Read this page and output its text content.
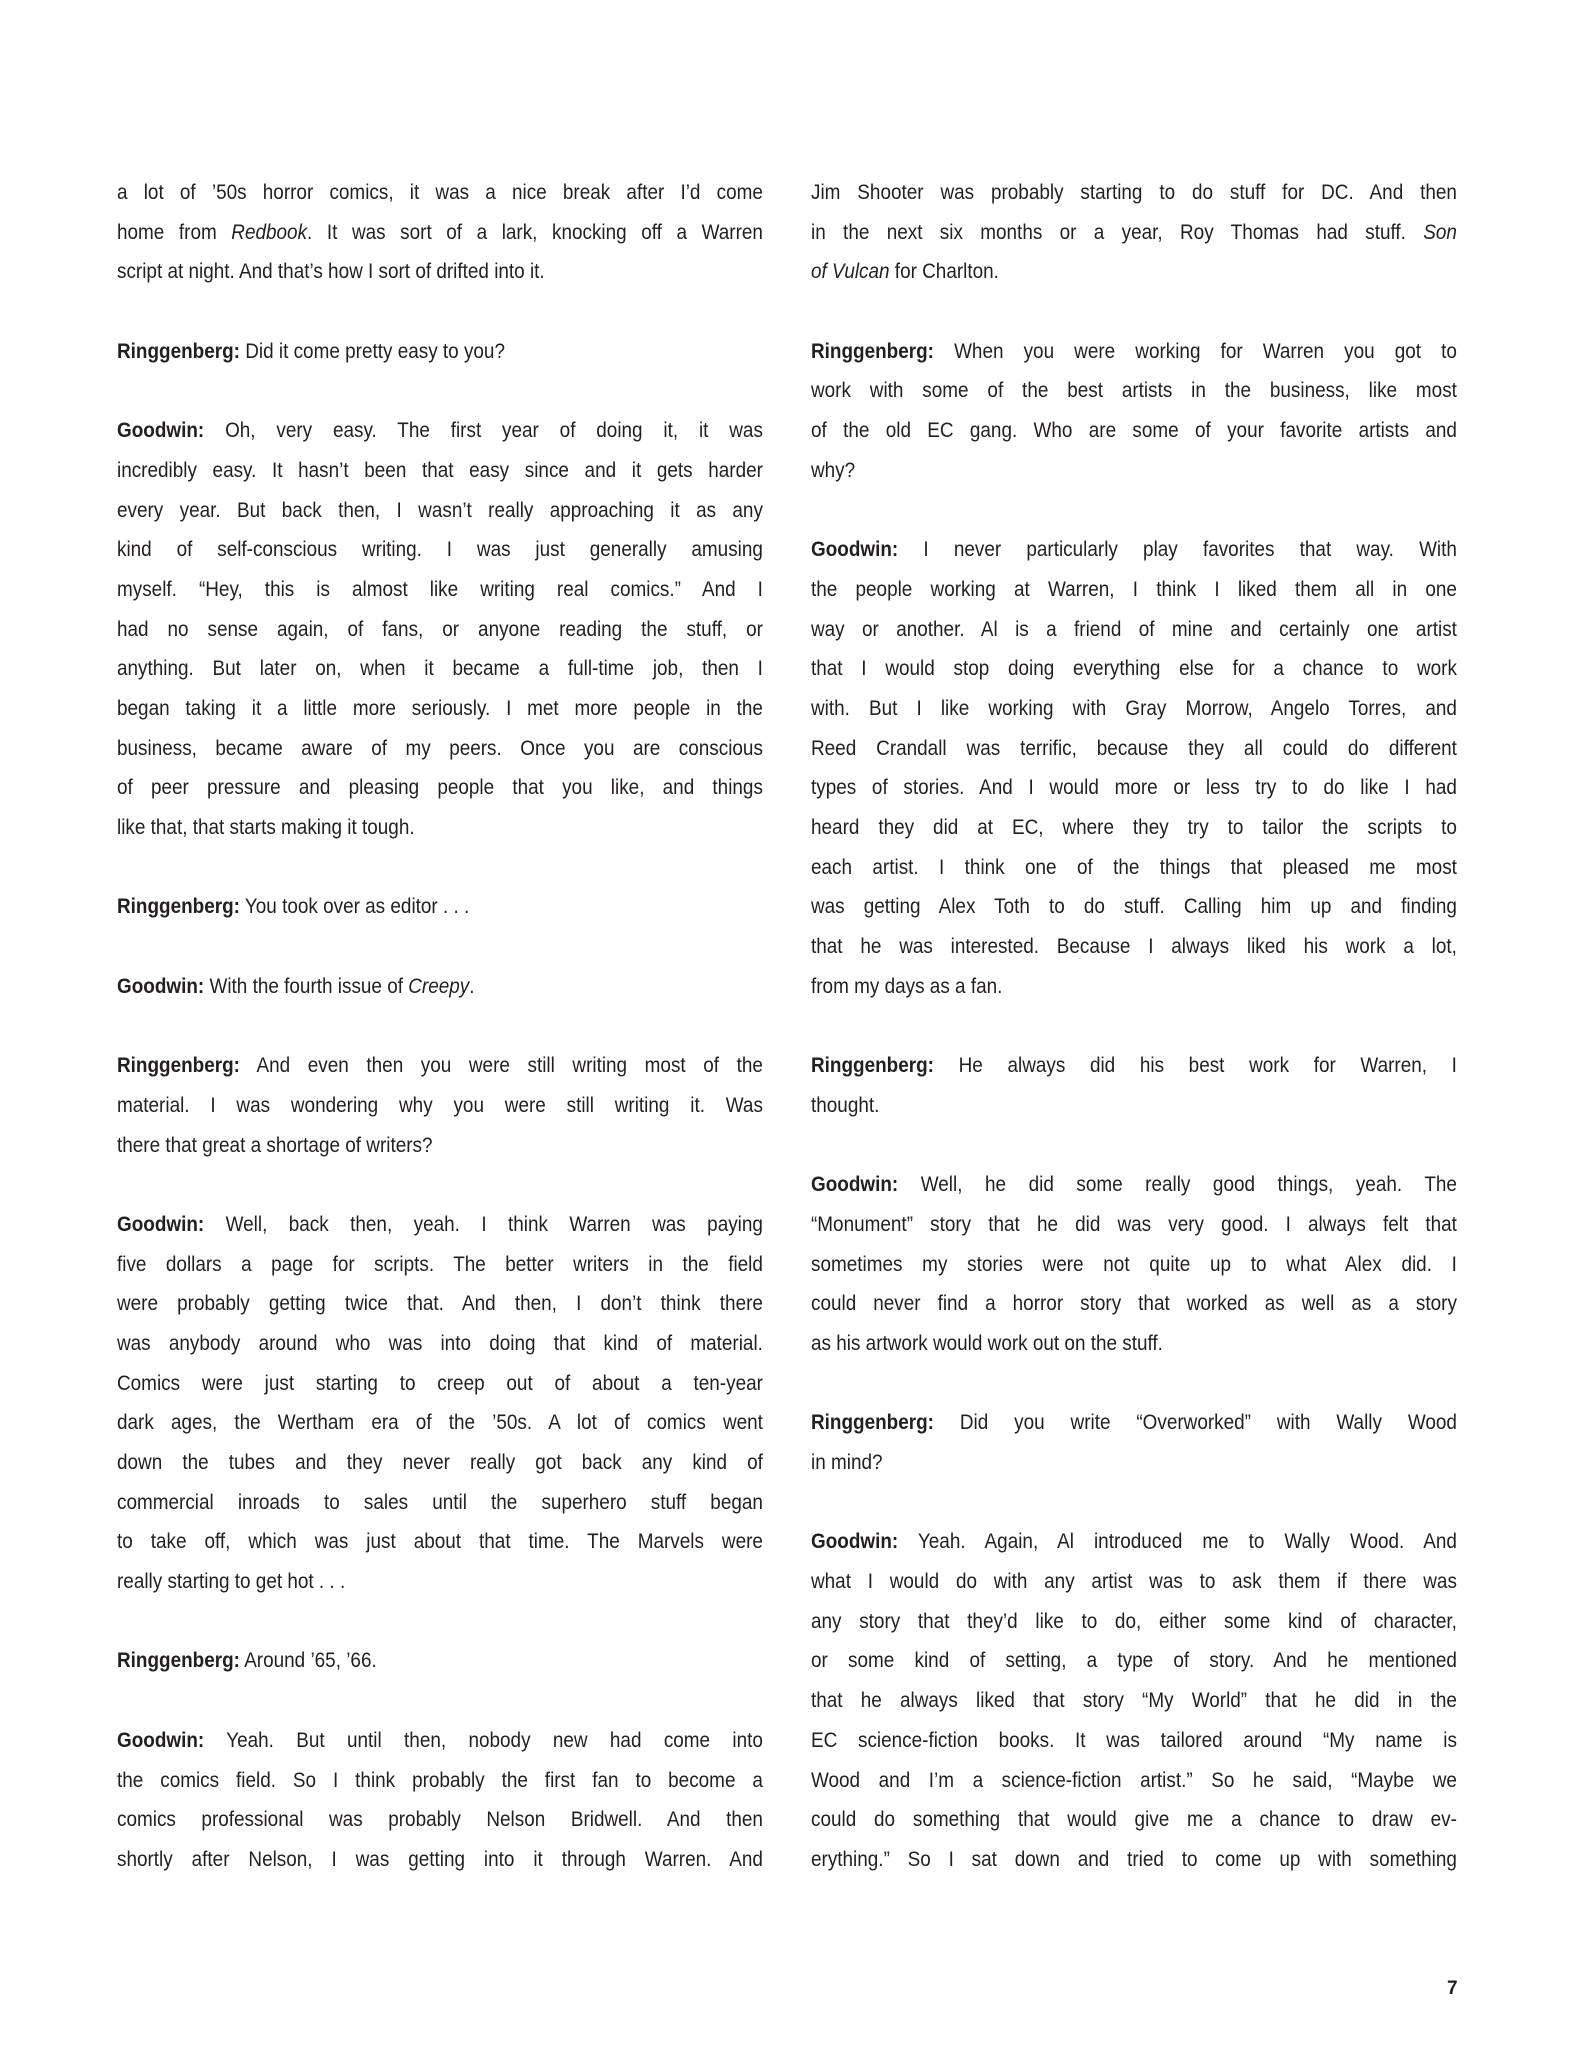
a lot of ’50s horror comics, it was a nice break after I’d come
home from Redbook. It was sort of a lark, knocking off a Warren
script at night. And that’s how I sort of drifted into it.
Ringgenberg: Did it come pretty easy to you?
Goodwin: Oh, very easy. The first year of doing it, it was
incredibly easy. It hasn’t been that easy since and it gets harder
every year. But back then, I wasn’t really approaching it as any
kind of self-conscious writing. I was just generally amusing
myself. “Hey, this is almost like writing real comics.” And I
had no sense again, of fans, or anyone reading the stuff, or
anything. But later on, when it became a full-time job, then I
began taking it a little more seriously. I met more people in the
business, became aware of my peers. Once you are conscious
of peer pressure and pleasing people that you like, and things
like that, that starts making it tough.
Ringgenberg: You took over as editor . . .
Goodwin: With the fourth issue of Creepy.
Ringgenberg: And even then you were still writing most of the
material. I was wondering why you were still writing it. Was
there that great a shortage of writers?
Goodwin: Well, back then, yeah. I think Warren was paying
five dollars a page for scripts. The better writers in the field
were probably getting twice that. And then, I don’t think there
was anybody around who was into doing that kind of material.
Comics were just starting to creep out of about a ten-year
dark ages, the Wertham era of the ’50s. A lot of comics went
down the tubes and they never really got back any kind of
commercial inroads to sales until the superhero stuff began
to take off, which was just about that time. The Marvels were
really starting to get hot . . .
Ringgenberg: Around ’65, ’66.
Goodwin: Yeah. But until then, nobody new had come into
the comics field. So I think probably the first fan to become a
comics professional was probably Nelson Bridwell. And then
shortly after Nelson, I was getting into it through Warren. And
Jim Shooter was probably starting to do stuff for DC. And then
in the next six months or a year, Roy Thomas had stuff. Son
of Vulcan for Charlton.
Ringgenberg: When you were working for Warren you got to
work with some of the best artists in the business, like most
of the old EC gang. Who are some of your favorite artists and
why?
Goodwin: I never particularly play favorites that way. With
the people working at Warren, I think I liked them all in one
way or another. Al is a friend of mine and certainly one artist
that I would stop doing everything else for a chance to work
with. But I like working with Gray Morrow, Angelo Torres, and
Reed Crandall was terrific, because they all could do different
types of stories. And I would more or less try to do like I had
heard they did at EC, where they try to tailor the scripts to
each artist. I think one of the things that pleased me most
was getting Alex Toth to do stuff. Calling him up and finding
that he was interested. Because I always liked his work a lot,
from my days as a fan.
Ringgenberg: He always did his best work for Warren, I
thought.
Goodwin: Well, he did some really good things, yeah. The
“Monument” story that he did was very good. I always felt that
sometimes my stories were not quite up to what Alex did. I
could never find a horror story that worked as well as a story
as his artwork would work out on the stuff.
Ringgenberg: Did you write “Overworked” with Wally Wood
in mind?
Goodwin: Yeah. Again, Al introduced me to Wally Wood. And
what I would do with any artist was to ask them if there was
any story that they’d like to do, either some kind of character,
or some kind of setting, a type of story. And he mentioned
that he always liked that story “My World” that he did in the
EC science-fiction books. It was tailored around “My name is
Wood and I’m a science-fiction artist.” So he said, “Maybe we
could do something that would give me a chance to draw ev-
erything.” So I sat down and tried to come up with something
7
